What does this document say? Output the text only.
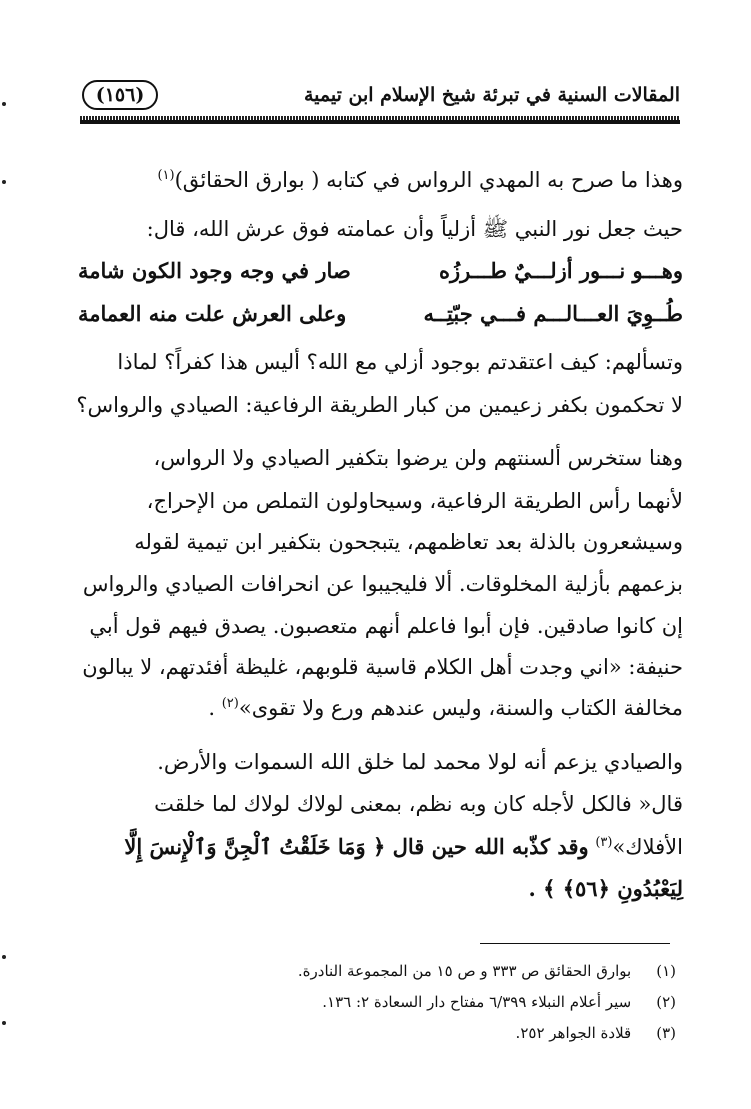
المقالات السنية في تبرئة شيخ الإسلام ابن تيمية
(١٥٦)
وهذا ما صرح به المهدي الرواس في كتابه ( بوارق الحقائق)$^{(١)}$
حيث جعل نور النبي ﷺ أزلياً وأن عمامته فوق عرش الله، قال:
وهـــو نـــور أزلـــيٌ طـــرزُه
صار في وجه وجود الكون شامة
طُــوِيَ العـــالـــم فـــي جبّتِــه
وعلى العرش علت منه العمامة
وتسألهم: كيف اعتقدتم بوجود أزلي مع الله؟ أليس هذا كفراً؟ لماذا
لا تحكمون بكفر زعيمين من كبار الطريقة الرفاعية: الصيادي والرواس؟
وهنا ستخرس ألسنتهم ولن يرضوا بتكفير الصيادي ولا الرواس،
لأنهما رأس الطريقة الرفاعية، وسيحاولون التملص من الإحراج،
وسيشعرون بالذلة بعد تعاظمهم، يتبجحون بتكفير ابن تيمية لقوله
بزعمهم بأزلية المخلوقات. ألا فليجيبوا عن انحرافات الصيادي والرواس
إن كانوا صادقين. فإن أبوا فاعلم أنهم متعصبون. يصدق فيهم قول أبي
حنيفة: «اني وجدت أهل الكلام قاسية قلوبهم، غليظة أفئدتهم، لا يبالون
مخالفة الكتاب والسنة، وليس عندهم ورع ولا تقوى»$^{(٢)}$ .
والصيادي يزعم أنه لولا محمد لما خلق الله السموات والأرض.
قال« فالكل لأجله كان وبه نظم، بمعنى لولاك لولاك لما خلقت
الأفلاك»$^{(٣)}$ وقد كذّبه الله حين قال ﴿ وَمَا خَلَقْتُ ٱلْجِنَّ وَٱلْإِنسَ إِلَّا
لِيَعْبُدُونِ ﴿٥٦﴾ ﴾ .
(١) بوارق الحقائق ص ٣٣٣ و ص ١٥ من المجموعة النادرة.
(٢) سير أعلام النبلاء ٦/٣٩٩ مفتاح دار السعادة ٢: ١٣٦.
(٣) قلادة الجواهر ٢٥٢.
